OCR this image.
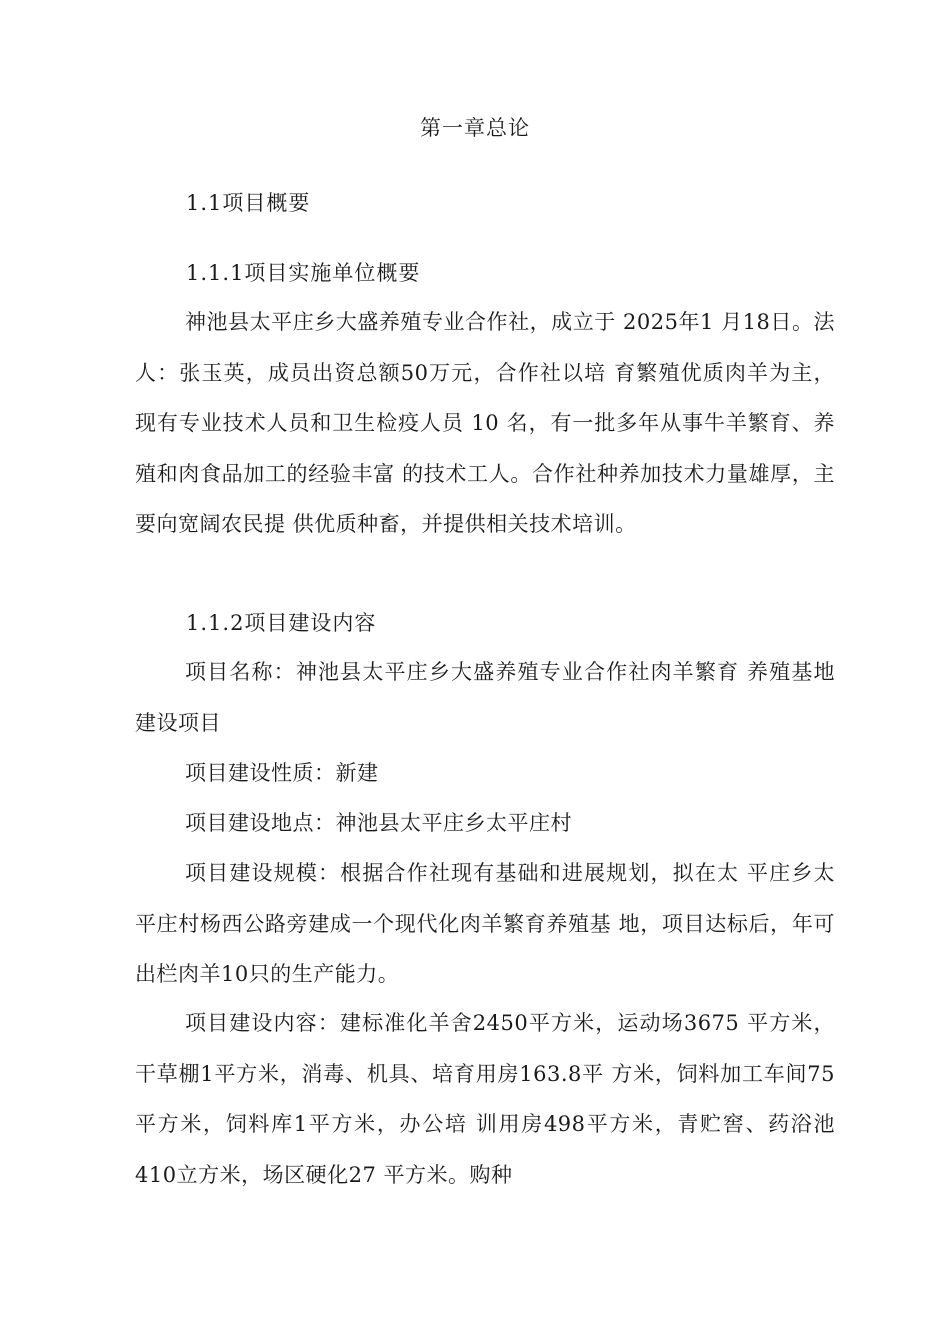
第一章总论
1.1项目概要
1.1.1项目实施单位概要

神池县太平庄乡大盛养殖专业合作社，成立于 2025年1 月18日。法人：张玉英，成员出资总额50万元，合作社以培 育繁殖优质肉羊为主，现有专业技术人员和卫生检疫人员 10 名，有一批多年从事牛羊繁育、养殖和肉食品加工的经验丰富 的技术工人。合作社种养加技术力量雄厚，主要向宽阔农民提 供优质种畜，并提供相关技术培训。

1.1.2项目建设内容

项目名称：神池县太平庄乡大盛养殖专业合作社肉羊繁育 养殖基地建设项目

项目建设性质：新建

项目建设地点：神池县太平庄乡太平庄村

项目建设规模：根据合作社现有基础和进展规划，拟在太 平庄乡太平庄村杨西公路旁建成一个现代化肉羊繁育养殖基 地，项目达标后，年可出栏肉羊10只的生产能力。

项目建设内容：建标准化羊舍2450平方米，运动场3675 平方米，干草棚1平方米，消毒、机具、培育用房163.8平 方米，饲料加工车间75平方米，饲料库1平方米，办公培 训用房498平方米，青贮窖、药浴池410立方米，场区硬化27 平方米。购种
